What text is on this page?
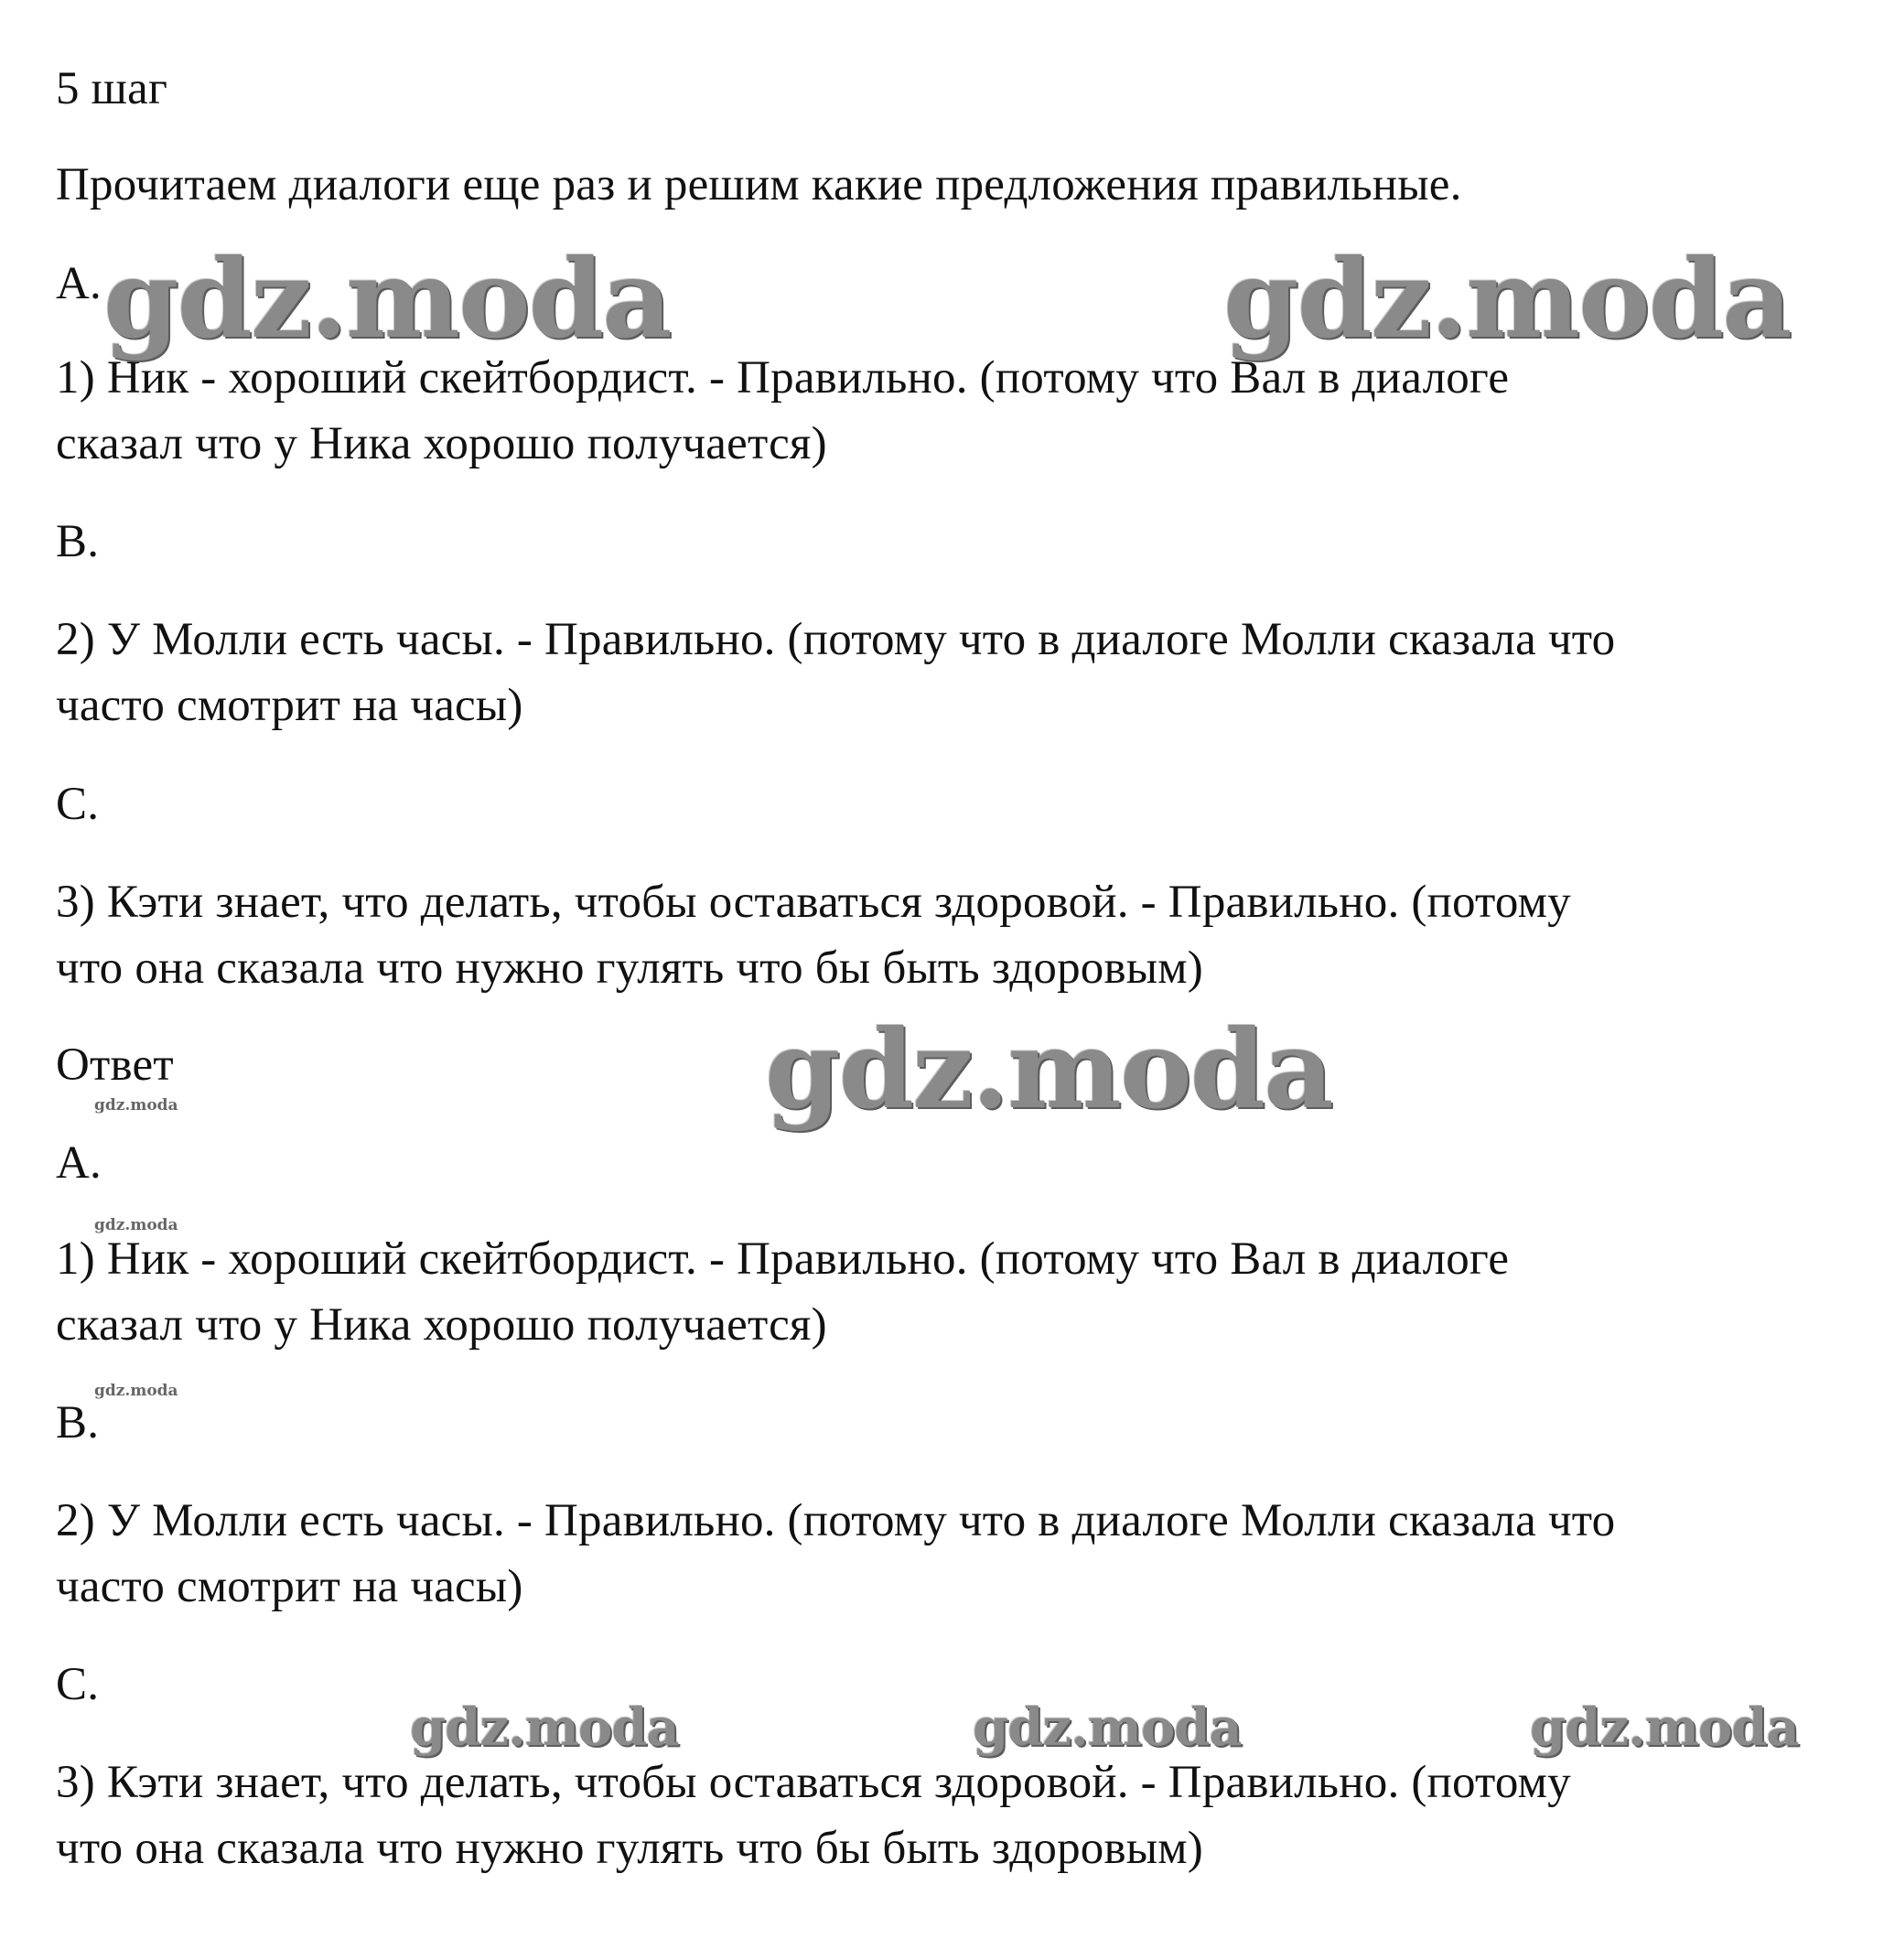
5 шаг

Прочитаем диалоги еще раз и решим какие предложения правильные.

A.

1) Ник - хороший скейтбордист. - Правильно. (потому что Вал в диалоге

сказал что у Ника хорошо получается)

B.

2) У Молли есть часы. - Правильно. (потому что в диалоге Молли сказала что

часто смотрит на часы)

C.

3) Кэти знает, что делать, чтобы оставаться здоровой. - Правильно. (потому

что она сказала что нужно гулять что бы быть здоровым)

Ответ

A.

1) Ник - хороший скейтбордист. - Правильно. (потому что Вал в диалоге

сказал что у Ника хорошо получается)

B.

2) У Молли есть часы. - Правильно. (потому что в диалоге Молли сказала что

часто смотрит на часы)

C.

3) Кэти знает, что делать, чтобы оставаться здоровой. - Правильно. (потому

что она сказала что нужно гулять что бы быть здоровым)

gdz.moda	gdz.moda
gdz.moda
gdz.moda
gdz.moda
gdz.moda
gdz.moda	gdz.moda	gdz.moda
